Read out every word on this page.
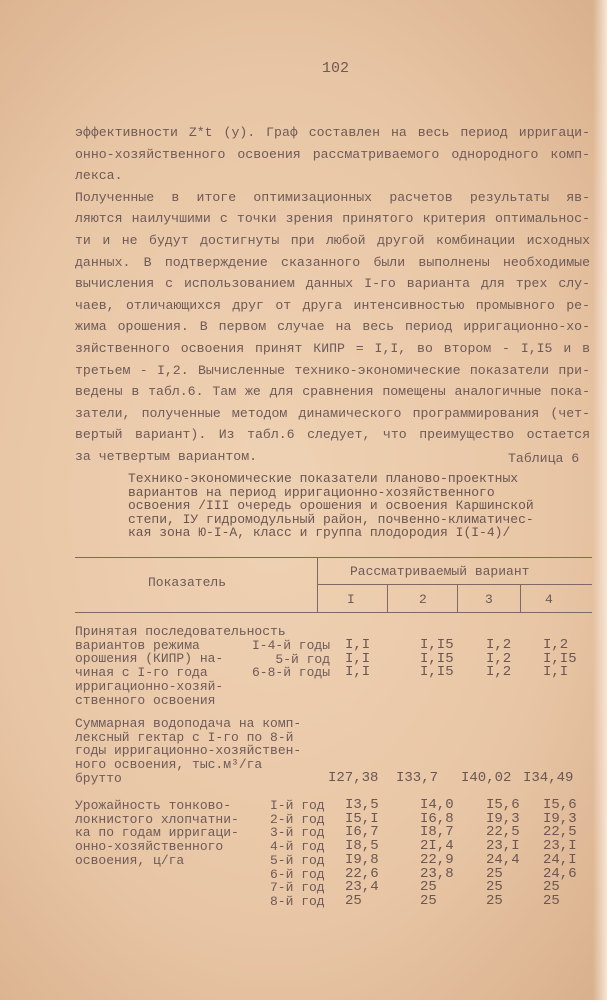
102
эффективности Z*t (y). Граф составлен на весь период ирригаци-
онно-хозяйственного освоения рассматриваемого однородного комп-
лекса.
Полученные в итоге оптимизационных расчетов результаты яв-
ляются наилучшими с точки зрения принятого критерия оптимальнос-
ти и не будут достигнуты при любой другой комбинации исходных
данных. В подтверждение сказанного были выполнены необходимые
вычисления с использованием данных I-го варианта для трех слу-
чаев, отличающихся друг от друга интенсивностью промывного ре-
жима орошения. В первом случае на весь период ирригационно-хо-
зяйственного освоения принят КИПР = I,I, во втором - I,I5 и в
третьем - I,2. Вычисленные технико-экономические показатели при-
ведены в табл.6. Там же для сравнения помещены аналогичные пока-
затели, полученные методом динамического программирования (чет-
вертый вариант). Из табл.6 следует, что преимущество остается
за четвертым вариантом.	Таблица 6
Технико-экономические показатели планово-проектных
вариантов на период ирригационно-хозяйственного
освоения /III очередь орошения и освоения Каршинской
степи, IУ гидромодульный район, почвенно-климатичес-
кая зона Ю-I-А, класс и группа плодородия I(I-4)/
Показатель
Рассматриваемый вариант
I	2	3	4
Принятая последовательность
вариантов режима
орошения (КИПР) на-
чиная с I-го года
ирригационно-хозяй-
ственного освоения
I-4-й годы I,I	I,I5 I,2 I,2
5-й год I,I	I,I5 I,2 I,I5
6-8-й годы I,I	I,I5 I,2 I,I
Суммарная водоподача на комп-
лексный гектар с I-го по 8-й
годы ирригационно-хозяйствен-
ного освоения, тыс.м³/га
брутто	I27,38 I33,7 I40,02 I34,49
Урожайность тонково-
локнистого хлопчатни-
ка по годам ирригаци-
онно-хозяйственного
освоения, ц/га
I-й год I3,5	I4,0 I5,6 I5,6
2-й год I5,I	I6,8 I9,3 I9,3
3-й год I6,7	I8,7 22,5 22,5
4-й год I8,5	2I,4 23,I 23,I
5-й год I9,8	22,9 24,4 24,I
6-й год 22,6	23,8 25	24,6
7-й год 23,4	25	25	25
8-й год 25	25	25	25
